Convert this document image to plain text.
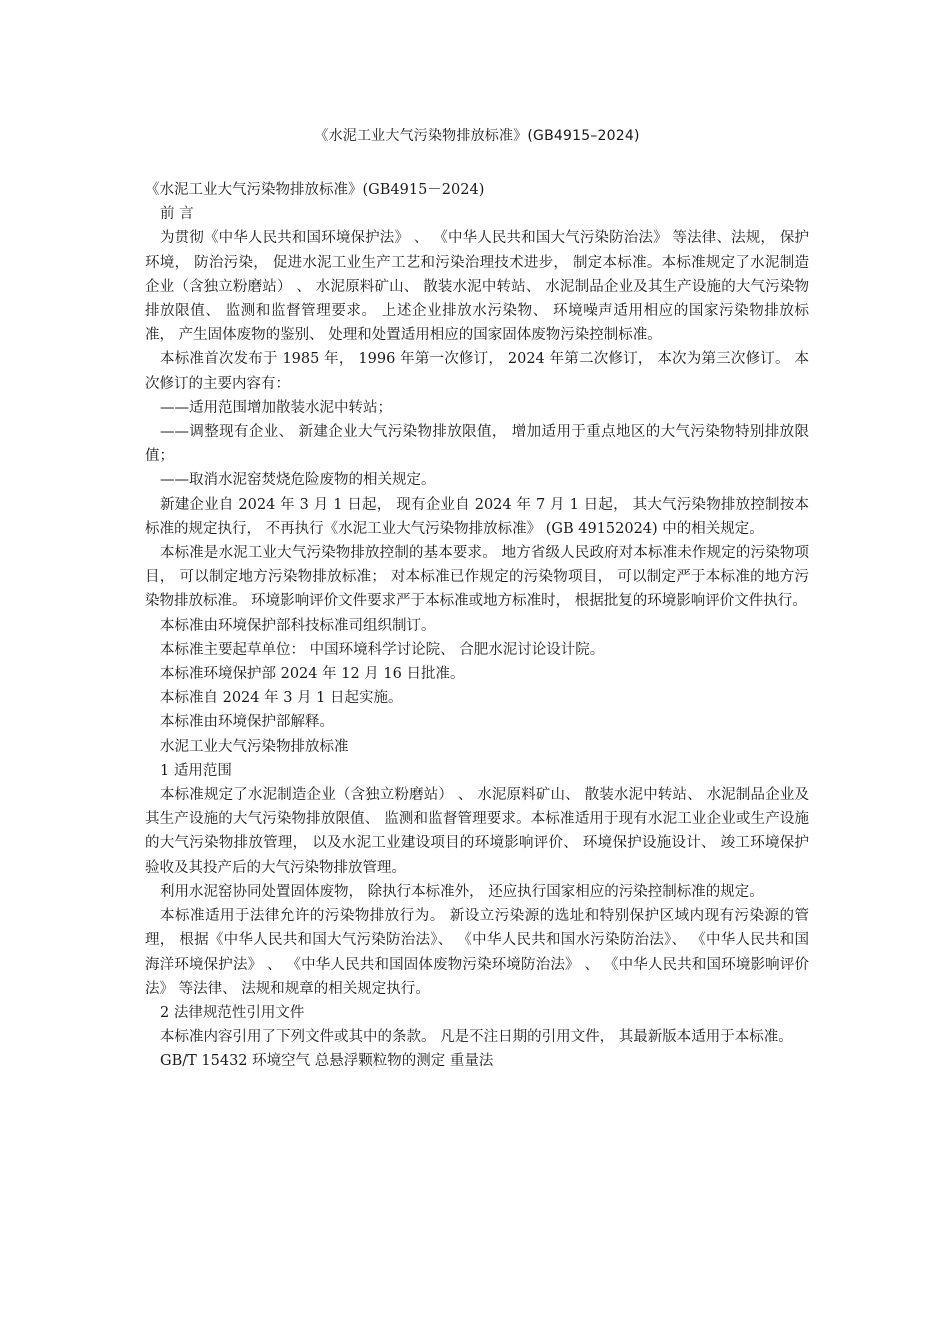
《水泥工业大气污染物排放标准》(GB4915–2024)

《水泥工业大气污染物排放标准》(GB4915－2024)

前 言

为贯彻《中华人民共和国环境保护法》 、 《中华人民共和国大气污染防治法》 等法律、法规， 保护环境， 防治污染， 促进水泥工业生产工艺和污染治理技术进步， 制定本标准。本标准规定了水泥制造企业（含独立粉磨站） 、 水泥原料矿山、 散装水泥中转站、 水泥制品企业及其生产设施的大气污染物排放限值、 监测和监督管理要求。 上述企业排放水污染物、 环境噪声适用相应的国家污染物排放标准， 产生固体废物的鉴别、 处理和处置适用相应的国家固体废物污染控制标准。

本标准首次发布于 1985 年， 1996 年第一次修订， 2024 年第二次修订， 本次为第三次修订。 本次修订的主要内容有：

——适用范围增加散装水泥中转站；

——调整现有企业、 新建企业大气污染物排放限值， 增加适用于重点地区的大气污染物特别排放限值；

——取消水泥窑焚烧危险废物的相关规定。

新建企业自 2024 年 3 月 1 日起， 现有企业自 2024 年 7 月 1 日起， 其大气污染物排放控制按本标准的规定执行， 不再执行《水泥工业大气污染物排放标准》 (GB 49152024) 中的相关规定。

本标准是水泥工业大气污染物排放控制的基本要求。 地方省级人民政府对本标准未作规定的污染物项目， 可以制定地方污染物排放标准； 对本标准已作规定的污染物项目， 可以制定严于本标准的地方污染物排放标准。 环境影响评价文件要求严于本标准或地方标准时， 根据批复的环境影响评价文件执行。

本标准由环境保护部科技标准司组织制订。

本标准主要起草单位： 中国环境科学讨论院、 合肥水泥讨论设计院。

本标准环境保护部 2024 年 12 月 16 日批准。

本标准自 2024 年 3 月 1 日起实施。

本标准由环境保护部解释。

水泥工业大气污染物排放标准

1 适用范围

本标准规定了水泥制造企业（含独立粉磨站） 、 水泥原料矿山、 散装水泥中转站、 水泥制品企业及其生产设施的大气污染物排放限值、 监测和监督管理要求。本标准适用于现有水泥工业企业或生产设施的大气污染物排放管理， 以及水泥工业建设项目的环境影响评价、 环境保护设施设计、 竣工环境保护验收及其投产后的大气污染物排放管理。

利用水泥窑协同处置固体废物， 除执行本标准外， 还应执行国家相应的污染控制标准的规定。

本标准适用于法律允许的污染物排放行为。 新设立污染源的选址和特别保护区域内现有污染源的管理， 根据《中华人民共和国大气污染防治法》、 《中华人民共和国水污染防治法》、 《中华人民共和国海洋环境保护法》 、 《中华人民共和国固体废物污染环境防治法》 、 《中华人民共和国环境影响评价法》 等法律、 法规和规章的相关规定执行。

2 法律规范性引用文件

本标准内容引用了下列文件或其中的条款。 凡是不注日期的引用文件， 其最新版本适用于本标准。

GB/T 15432 环境空气 总悬浮颗粒物的测定 重量法
